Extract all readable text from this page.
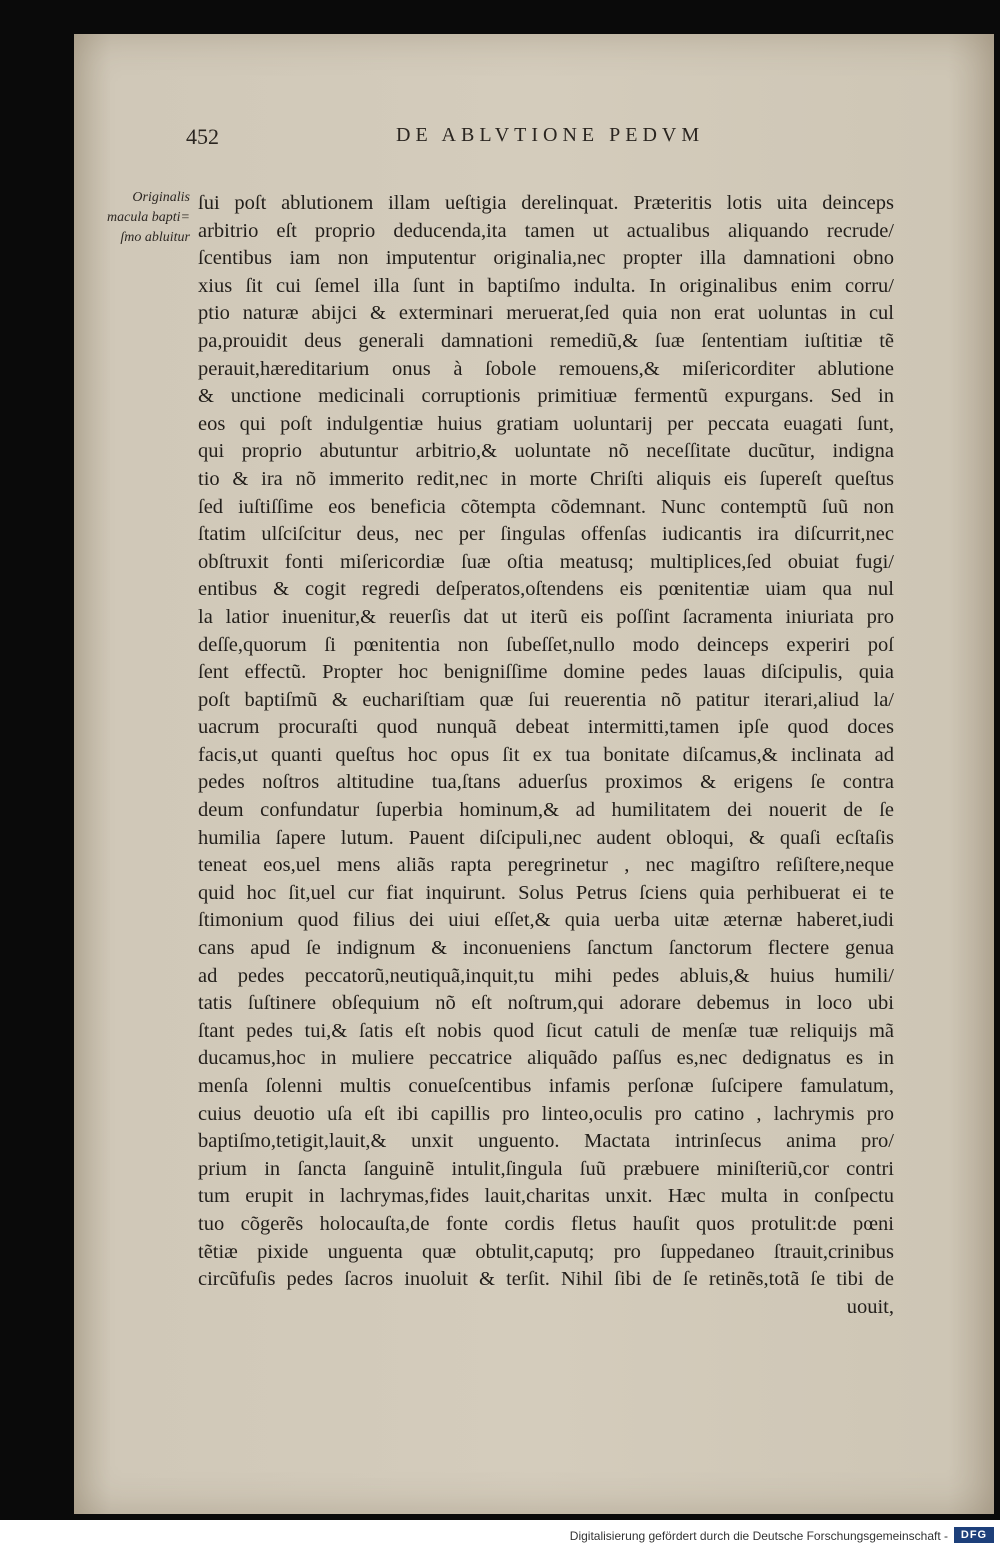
452	DE ABLVTIONE PEDVM
Originalis
macula bapti=
ſmo abluitur
ſui poſt ablutionem illam ueſtigia derelinquat. Præteritis lotis uita deinceps
arbitrio eſt proprio deducenda,ita tamen ut actualibus aliquando recrude/
ſcentibus iam non imputentur originalia,nec propter illa damnationi obno
xius ſit cui ſemel illa ſunt in baptiſmo indulta. In originalibus enim corru/
ptio naturæ abijci & exterminari meruerat,ſed quia non erat uoluntas in cul
pa,prouidit deus generali damnationi remediũ,& ſuæ ſententiam iuſtitiæ tẽ
perauit,hæreditarium onus à ſobole remouens,& miſericorditer ablutione
& unctione medicinali corruptionis primitiuæ fermentũ expurgans. Sed in
eos qui poſt indulgentiæ huius gratiam uoluntarij per peccata euagati ſunt,
qui proprio abutuntur arbitrio,& uoluntate nõ neceſſitate ducũtur, indigna
tio & ira nõ immerito redit,nec in morte Chriſti aliquis eis ſupereſt queſtus
ſed iuſtiſſime eos beneficia cõtempta cõdemnant. Nunc contemptũ ſuũ non
ſtatim ulſciſcitur deus, nec per ſingulas offenſas iudicantis ira diſcurrit,nec
obſtruxit fonti miſericordiæ ſuæ oſtia meatusq; multiplices,ſed obuiat fugi/
entibus & cogit regredi deſperatos,oſtendens eis pœnitentiæ uiam qua nul
la latior inuenitur,& reuerſis dat ut iterũ eis poſſint ſacramenta iniuriata pro
deſſe,quorum ſi pœnitentia non ſubeſſet,nullo modo deinceps experiri poſ
ſent effectũ. Propter hoc benigniſſime domine pedes lauas diſcipulis, quia
poſt baptiſmũ & euchariſtiam quæ ſui reuerentia nõ patitur iterari,aliud la/
uacrum procuraſti quod nunquã debeat intermitti,tamen ipſe quod doces
facis,ut quanti queſtus hoc opus ſit ex tua bonitate diſcamus,& inclinata ad
pedes noſtros altitudine tua,ſtans aduerſus proximos & erigens ſe contra
deum confundatur ſuperbia hominum,& ad humilitatem dei nouerit de ſe
humilia ſapere lutum. Pauent diſcipuli,nec audent obloqui, & quaſi ecſtaſis
teneat eos,uel mens aliãs rapta peregrinetur , nec magiſtro reſiſtere,neque
quid hoc ſit,uel cur fiat inquirunt. Solus Petrus ſciens quia perhibuerat ei te
ſtimonium quod filius dei uiui eſſet,& quia uerba uitæ æternæ haberet,iudi
cans apud ſe indignum & inconueniens ſanctum ſanctorum flectere genua
ad pedes peccatorũ,neutiquã,inquit,tu mihi pedes abluis,& huius humili/
tatis ſuſtinere obſequium nõ eſt noſtrum,qui adorare debemus in loco ubi
ſtant pedes tui,& ſatis eſt nobis quod ſicut catuli de menſæ tuæ reliquijs mã
ducamus,hoc in muliere peccatrice aliquãdo paſſus es,nec dedignatus es in
menſa ſolenni multis conueſcentibus infamis perſonæ ſuſcipere famulatum,
cuius deuotio uſa eſt ibi capillis pro linteo,oculis pro catino , lachrymis pro
baptiſmo,tetigit,lauit,& unxit unguento. Mactata intrinſecus anima pro/
prium in ſancta ſanguinẽ intulit,ſingula ſuũ præbuere miniſteriũ,cor contri
tum erupit in lachrymas,fides lauit,charitas unxit. Hæc multa in conſpectu
tuo cõgerẽs holocauſta,de fonte cordis fletus hauſit quos protulit:de pœni
tẽtiæ pixide unguenta quæ obtulit,caputq; pro ſuppedaneo ſtrauit,crinibus
circũfuſis pedes ſacros inuoluit & terſit. Nihil ſibi de ſe retinẽs,totã ſe tibi de
uouit,
Digitalisierung gefördert durch die Deutsche Forschungsgemeinschaft -	DFG
